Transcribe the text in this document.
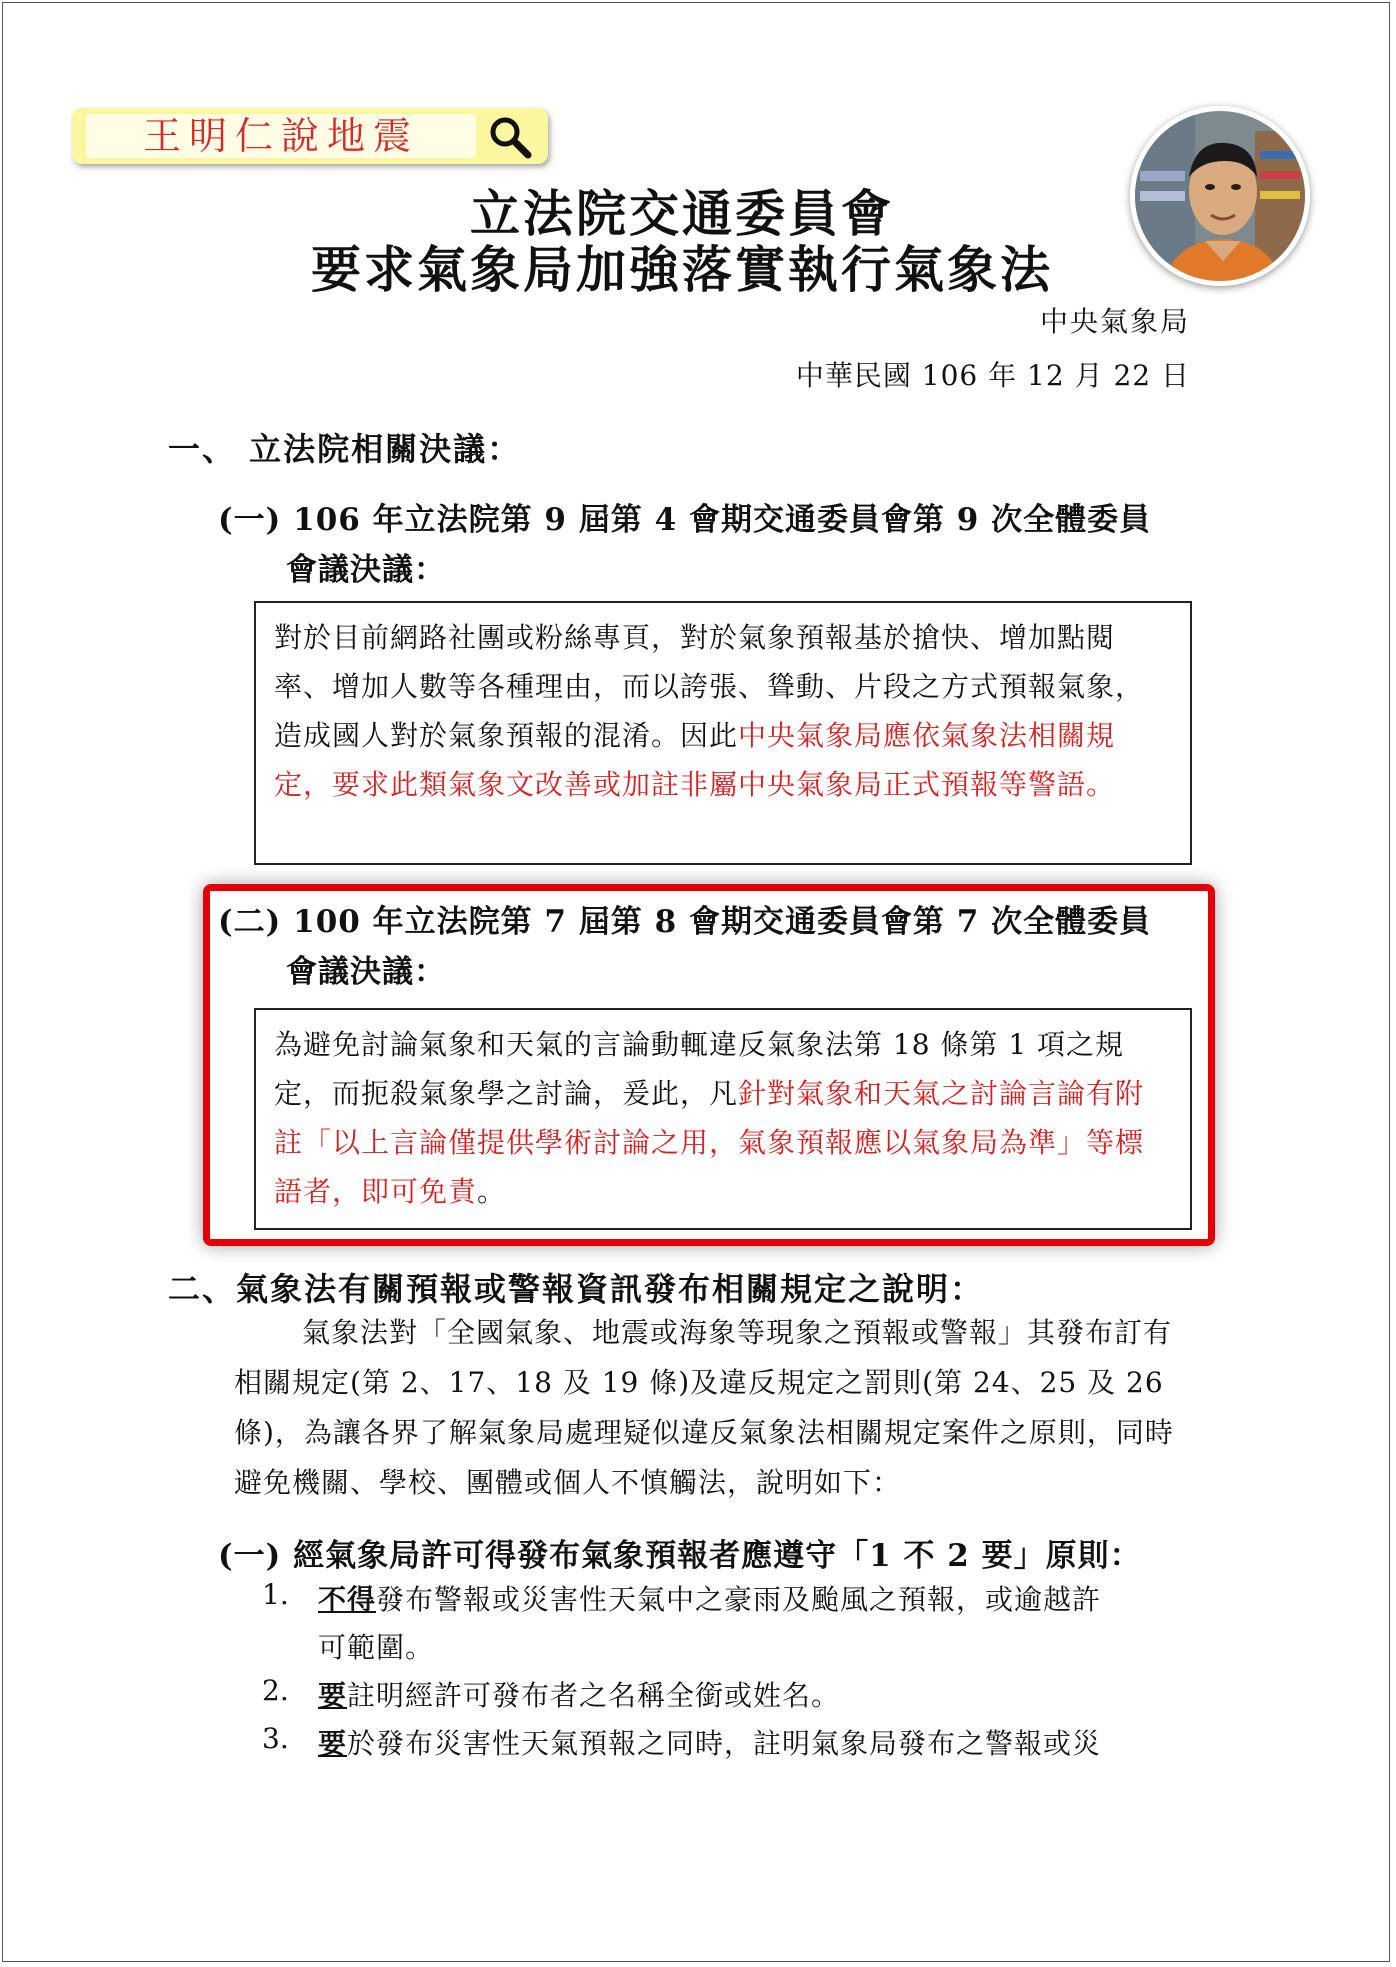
王明仁說地震
立法院交通委員會
要求氣象局加強落實執行氣象法
中央氣象局
中華民國 106 年 12 月 22 日
一、 立法院相關決議：
(一) 106 年立法院第 9 屆第 4 會期交通委員會第 9 次全體委員
會議決議：
對於目前網路社團或粉絲專頁，對於氣象預報基於搶快、增加點閱率、增加人數等各種理由，而以誇張、聳動、片段之方式預報氣象，造成國人對於氣象預報的混淆。因此中央氣象局應依氣象法相關規定，要求此類氣象文改善或加註非屬中央氣象局正式預報等警語。
(二) 100 年立法院第 7 屆第 8 會期交通委員會第 7 次全體委員
會議決議：
為避免討論氣象和天氣的言論動輒違反氣象法第 18 條第 1 項之規定，而扼殺氣象學之討論，爰此，凡針對氣象和天氣之討論言論有附註「以上言論僅提供學術討論之用，氣象預報應以氣象局為準」等標語者，即可免責。
二、氣象法有關預報或警報資訊發布相關規定之說明：
氣象法對「全國氣象、地震或海象等現象之預報或警報」其發布訂有相關規定(第 2、17、18 及 19 條)及違反規定之罰則(第 24、25 及 26 條)，為讓各界了解氣象局處理疑似違反氣象法相關規定案件之原則，同時避免機關、學校、團體或個人不慎觸法，說明如下：
(一) 經氣象局許可得發布氣象預報者應遵守「1 不 2 要」原則：
1. 不得發布警報或災害性天氣中之豪雨及颱風之預報，或逾越許
可範圍。
2. 要註明經許可發布者之名稱全銜或姓名。
3. 要於發布災害性天氣預報之同時，註明氣象局發布之警報或災
